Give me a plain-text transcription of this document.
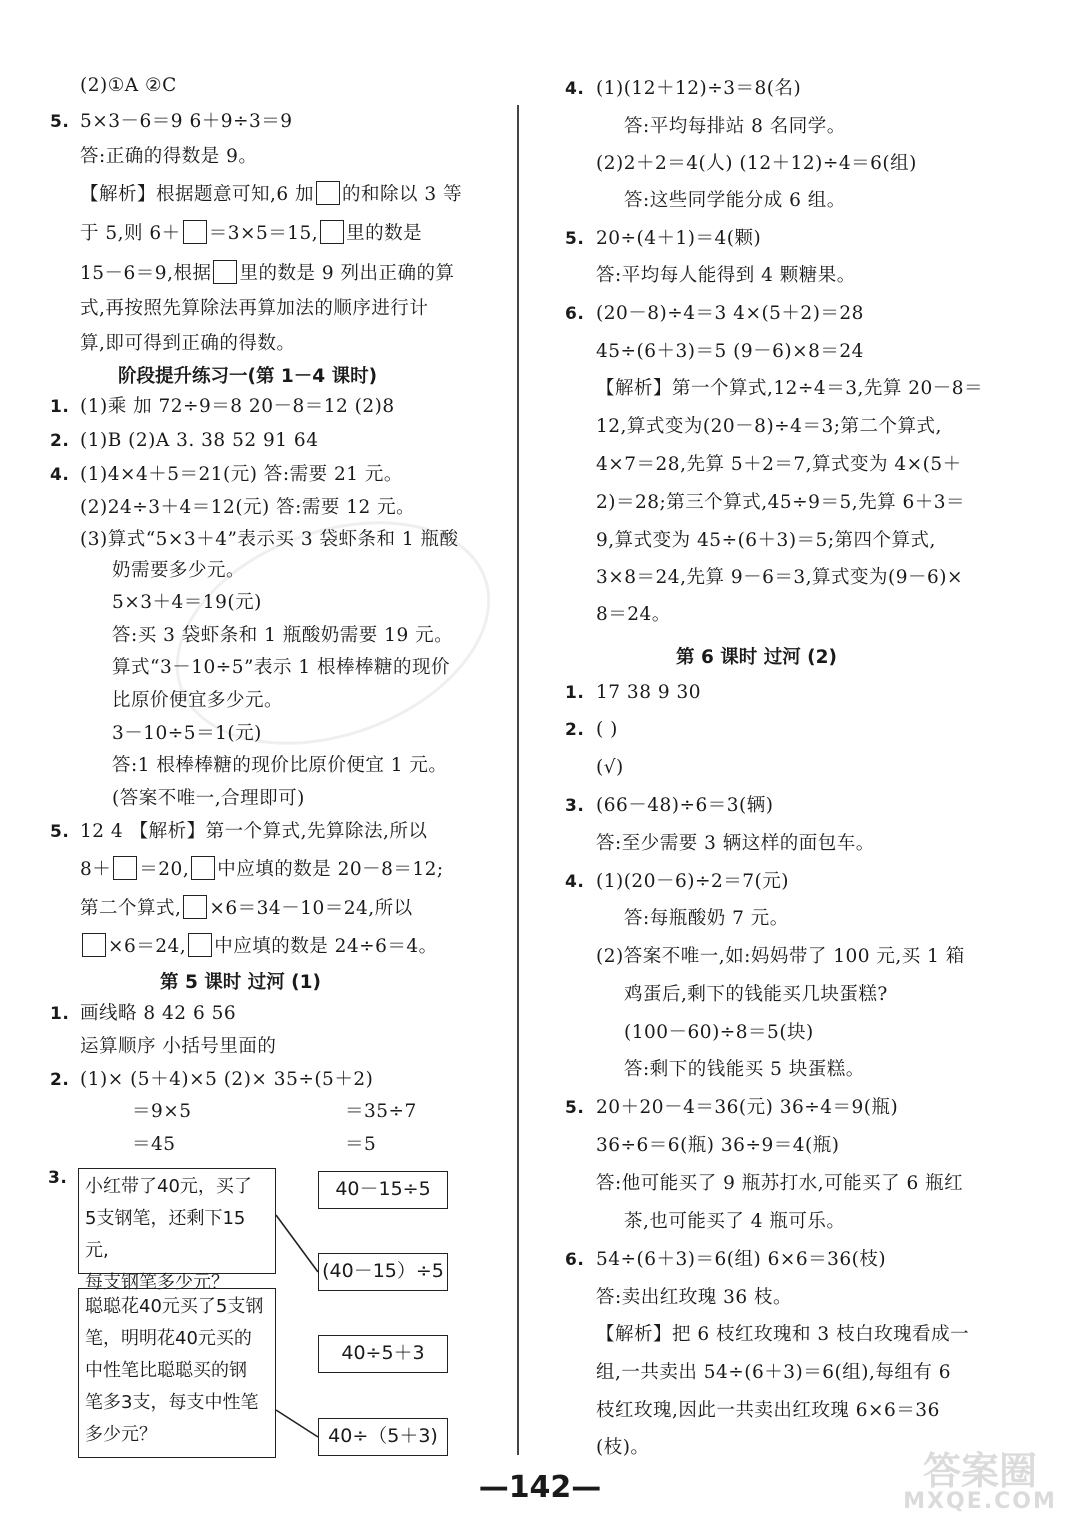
(2)①A ②C
5. 5×3－6＝9 6＋9÷3＝9
答:正确的得数是 9。
【解析】根据题意可知,6 加 的和除以 3 等
于 5,则 6＋ ＝3×5＝15, 里的数是
15－6＝9,根据 里的数是 9 列出正确的算
式,再按照先算除法再算加法的顺序进行计
算,即可得到正确的得数。
阶段提升练习一(第 1－4 课时)
1. (1)乘 加 72÷9＝8 20－8＝12 (2)8
2. (1)B (2)A 3. 38 52 91 64
4. (1)4×4＋5＝21(元) 答:需要 21 元。
(2)24÷3＋4＝12(元) 答:需要 12 元。
(3)算式“5×3＋4”表示买 3 袋虾条和 1 瓶酸
奶需要多少元。
5×3＋4＝19(元)
答:买 3 袋虾条和 1 瓶酸奶需要 19 元。
算式“3－10÷5”表示 1 根棒棒糖的现价
比原价便宜多少元。
3－10÷5＝1(元)
答:1 根棒棒糖的现价比原价便宜 1 元。
(答案不唯一,合理即可)
5. 12 4 【解析】第一个算式,先算除法,所以
8＋ ＝20, 中应填的数是 20－8＝12;
第二个算式, ×6＝34－10＝24,所以
×6＝24, 中应填的数是 24÷6＝4。
第 5 课时 过河 (1)
1. 画线略 8 42 6 56
运算顺序 小括号里面的
2. (1)× (5＋4)×5 (2)× 35÷(5＋2)
＝9×5	＝35÷7
＝45	＝5
3. 小红带了40元，买了
5支钢笔，还剩下15元,
每支钢笔多少元？
聪聪花40元买了5支钢
笔，明明花40元买的
中性笔比聪聪买的钢
笔多3支，每支中性笔
多少元？
40－15÷5
(40－15）÷5
40÷5＋3
40÷（5＋3)
4. (1)(12＋12)÷3＝8(名)
答:平均每排站 8 名同学。
(2)2＋2＝4(人) (12＋12)÷4＝6(组)
答:这些同学能分成 6 组。
5. 20÷(4＋1)＝4(颗)
答:平均每人能得到 4 颗糖果。
6. (20－8)÷4＝3 4×(5＋2)＝28
45÷(6＋3)＝5 (9－6)×8＝24
【解析】第一个算式,12÷4＝3,先算 20－8＝
12,算式变为(20－8)÷4＝3;第二个算式,
4×7＝28,先算 5＋2＝7,算式变为 4×(5＋
2)＝28;第三个算式,45÷9＝5,先算 6＋3＝
9,算式变为 45÷(6＋3)＝5;第四个算式,
3×8＝24,先算 9－6＝3,算式变为(9－6)×
8＝24。
第 6 课时 过河 (2)
1. 17 38 9 30
2. ( )
(√)
3. (66－48)÷6＝3(辆)
答:至少需要 3 辆这样的面包车。
4. (1)(20－6)÷2＝7(元)
答:每瓶酸奶 7 元。
(2)答案不唯一,如:妈妈带了 100 元,买 1 箱
鸡蛋后,剩下的钱能买几块蛋糕?
(100－60)÷8＝5(块)
答:剩下的钱能买 5 块蛋糕。
5. 20＋20－4＝36(元) 36÷4＝9(瓶)
36÷6＝6(瓶) 36÷9＝4(瓶)
答:他可能买了 9 瓶苏打水,可能买了 6 瓶红
茶,也可能买了 4 瓶可乐。
6. 54÷(6＋3)＝6(组) 6×6＝36(枝)
答:卖出红玫瑰 36 枝。
【解析】把 6 枝红玫瑰和 3 枝白玫瑰看成一
组,一共卖出 54÷(6＋3)＝6(组),每组有 6
枝红玫瑰,因此一共卖出红玫瑰 6×6＝36
(枝)。
—142—	答案圈
MXQE.COM
